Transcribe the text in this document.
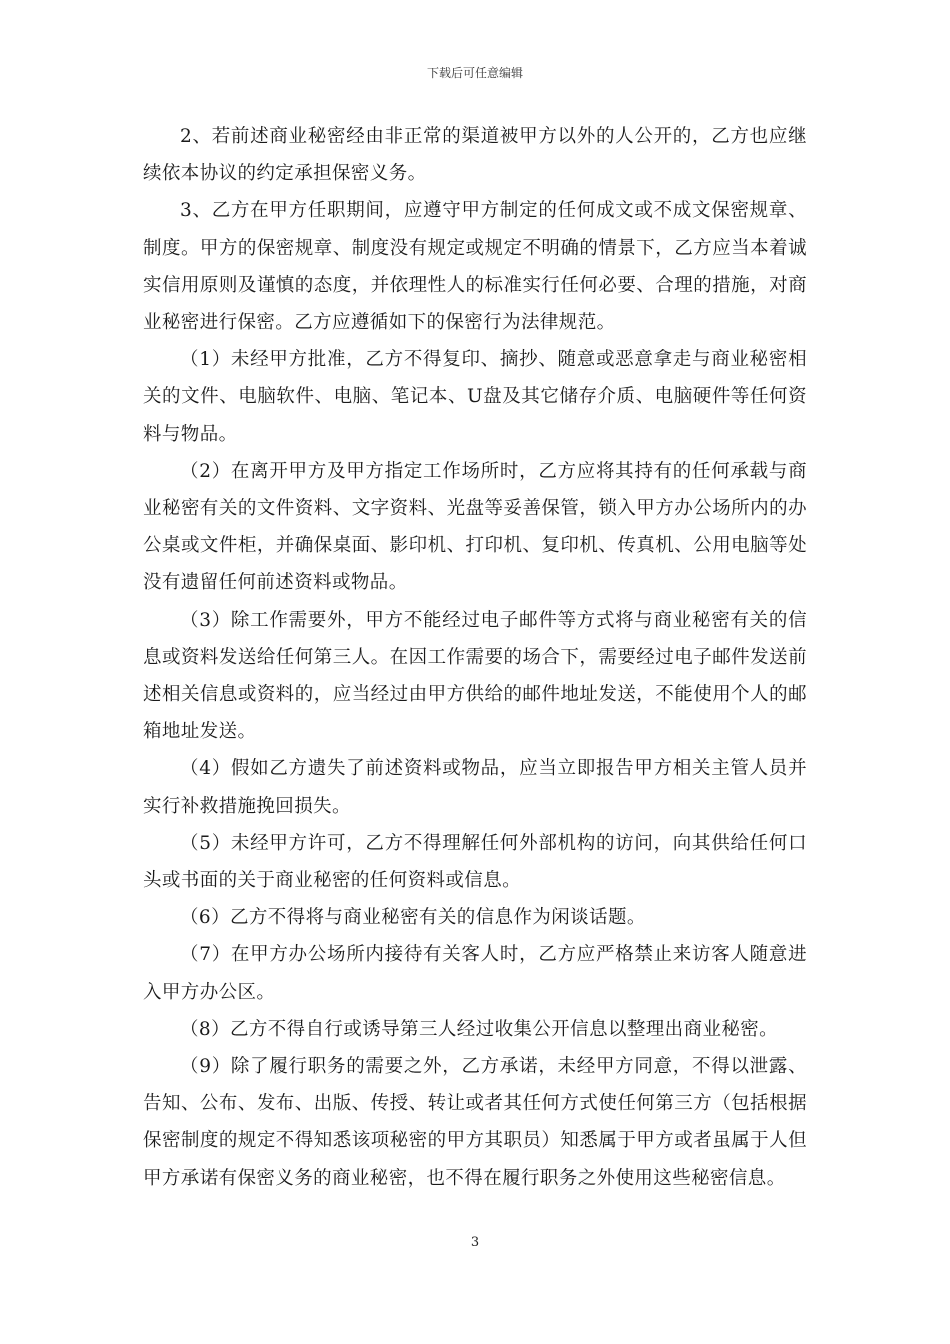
下载后可任意编辑

2、若前述商业秘密经由非正常的渠道被甲方以外的人公开的，乙方也应继续依本协议的约定承担保密义务。

3、乙方在甲方任职期间，应遵守甲方制定的任何成文或不成文保密规章、制度。甲方的保密规章、制度没有规定或规定不明确的情景下，乙方应当本着诚实信用原则及谨慎的态度，并依理性人的标准实行任何必要、合理的措施，对商业秘密进行保密。乙方应遵循如下的保密行为法律规范。

（1）未经甲方批准，乙方不得复印、摘抄、随意或恶意拿走与商业秘密相关的文件、电脑软件、电脑、笔记本、U盘及其它储存介质、电脑硬件等任何资料与物品。

（2）在离开甲方及甲方指定工作场所时，乙方应将其持有的任何承载与商业秘密有关的文件资料、文字资料、光盘等妥善保管，锁入甲方办公场所内的办公桌或文件柜，并确保桌面、影印机、打印机、复印机、传真机、公用电脑等处没有遗留任何前述资料或物品。

（3）除工作需要外，甲方不能经过电子邮件等方式将与商业秘密有关的信息或资料发送给任何第三人。在因工作需要的场合下，需要经过电子邮件发送前述相关信息或资料的，应当经过由甲方供给的邮件地址发送，不能使用个人的邮箱地址发送。

（4）假如乙方遗失了前述资料或物品，应当立即报告甲方相关主管人员并实行补救措施挽回损失。

（5）未经甲方许可，乙方不得理解任何外部机构的访问，向其供给任何口头或书面的关于商业秘密的任何资料或信息。

（6）乙方不得将与商业秘密有关的信息作为闲谈话题。

（7）在甲方办公场所内接待有关客人时，乙方应严格禁止来访客人随意进入甲方办公区。

（8）乙方不得自行或诱导第三人经过收集公开信息以整理出商业秘密。

（9）除了履行职务的需要之外，乙方承诺，未经甲方同意，不得以泄露、告知、公布、发布、出版、传授、转让或者其任何方式使任何第三方（包括根据保密制度的规定不得知悉该项秘密的甲方其职员）知悉属于甲方或者虽属于人但甲方承诺有保密义务的商业秘密，也不得在履行职务之外使用这些秘密信息。

3
